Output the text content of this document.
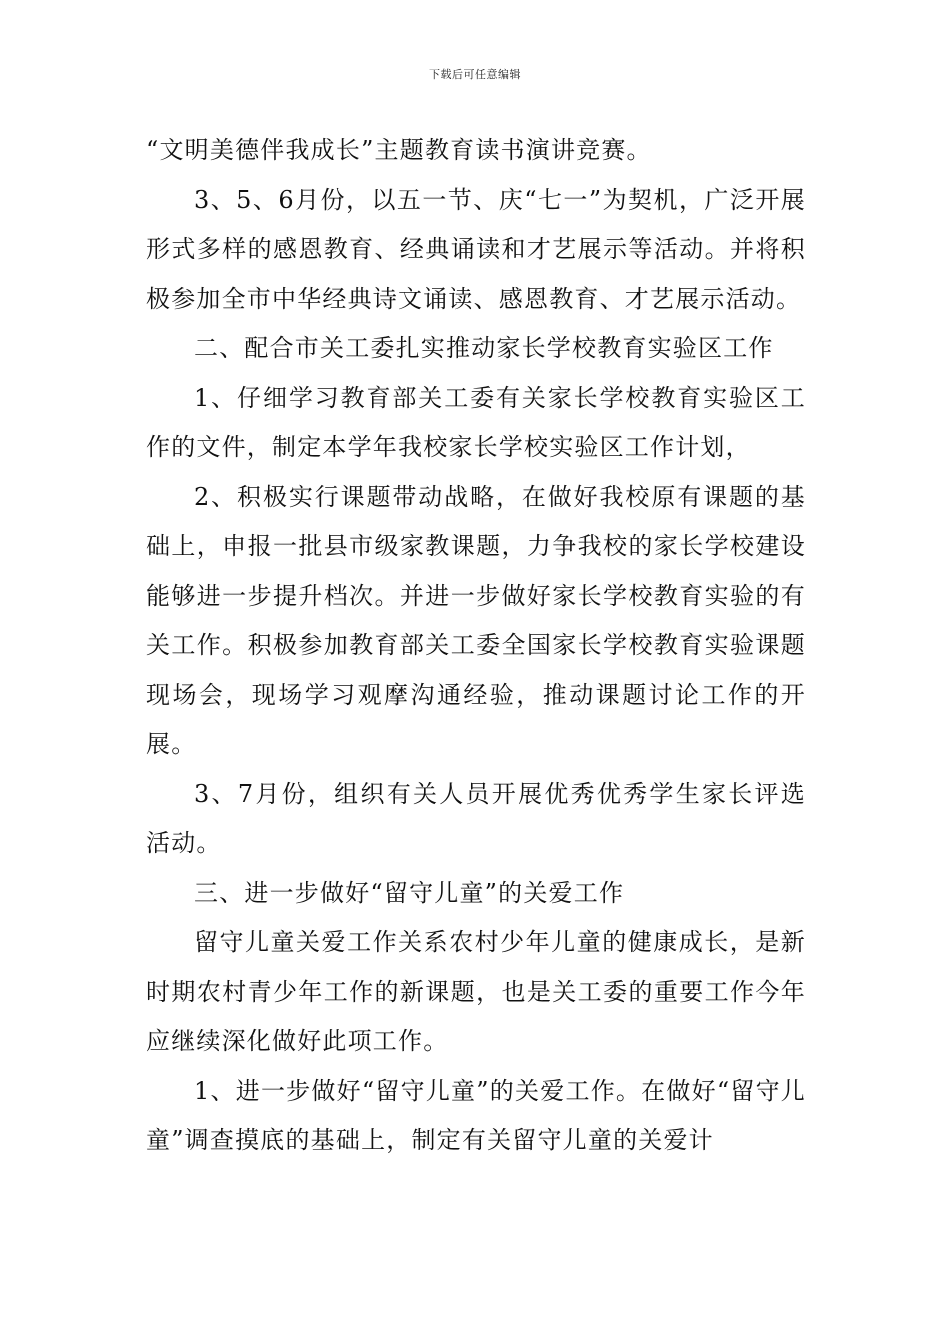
下载后可任意编辑

“文明美德伴我成长”主题教育读书演讲竞赛。

3、5、6月份，以五一节、庆“七一”为契机，广泛开展形式多样的感恩教育、经典诵读和才艺展示等活动。并将积极参加全市中华经典诗文诵读、感恩教育、才艺展示活动。

二、配合市关工委扎实推动家长学校教育实验区工作

1、仔细学习教育部关工委有关家长学校教育实验区工作的文件，制定本学年我校家长学校实验区工作计划，

2、积极实行课题带动战略，在做好我校原有课题的基础上，申报一批县市级家教课题，力争我校的家长学校建设能够进一步提升档次。并进一步做好家长学校教育实验的有关工作。积极参加教育部关工委全国家长学校教育实验课题现场会，现场学习观摩沟通经验，推动课题讨论工作的开展。

3、7月份，组织有关人员开展优秀优秀学生家长评选活动。

三、进一步做好“留守儿童”的关爱工作

留守儿童关爱工作关系农村少年儿童的健康成长，是新时期农村青少年工作的新课题，也是关工委的重要工作今年应继续深化做好此项工作。

1、进一步做好“留守儿童”的关爱工作。在做好“留守儿童”调查摸底的基础上，制定有关留守儿童的关爱计
